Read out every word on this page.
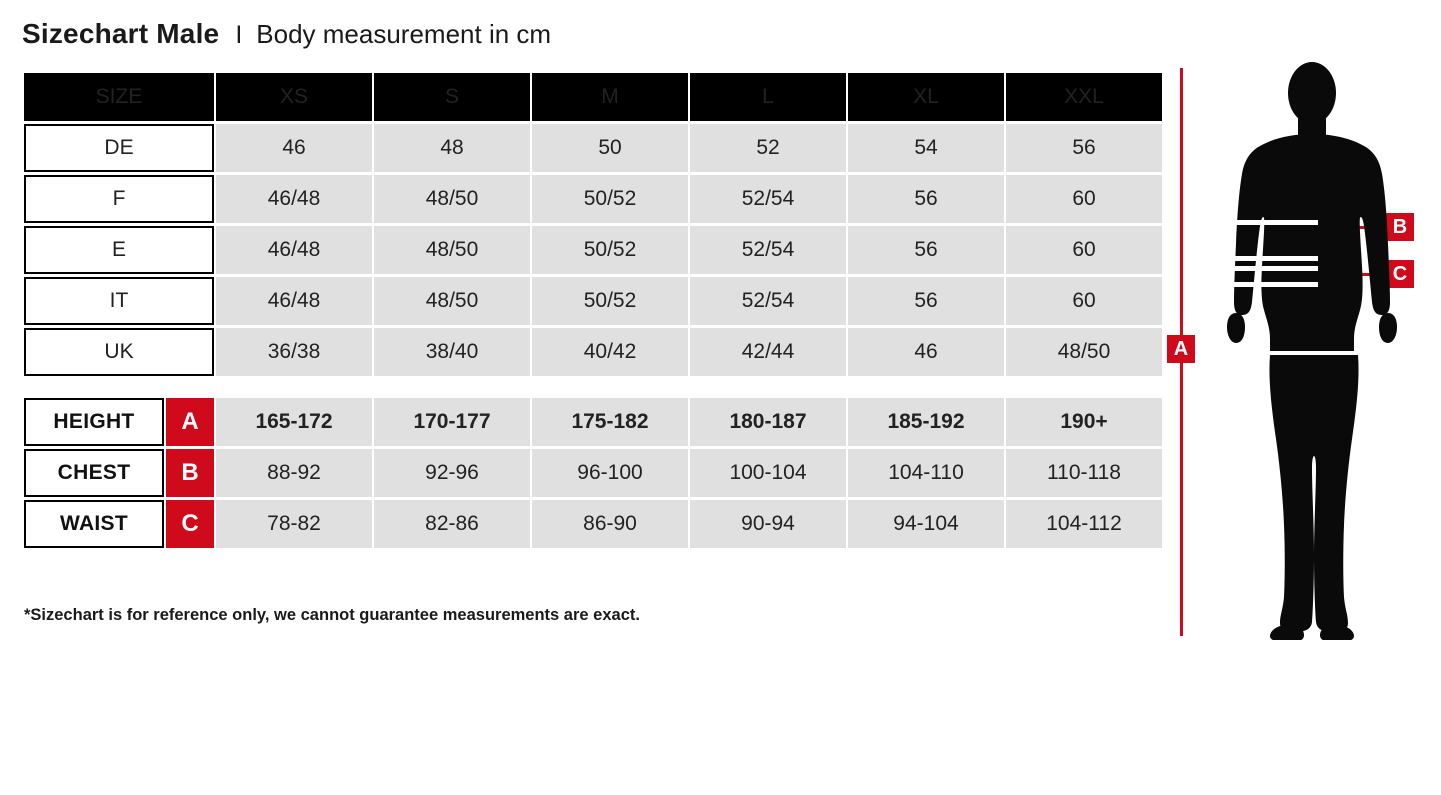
Sizechart Male I Body measurement in cm
SIZE	XS	S	M	L	XL	XXL
DE	46	48	50	52	54	56
F	46/48	48/50	50/52	52/54	56	60
E	46/48	48/50	50/52	52/54	56	60
IT	46/48	48/50	50/52	52/54	56	60
UK	36/38	38/40	40/42	42/44	46	48/50

HEIGHT A	165-172	170-177	175-182	180-187	185-192	190+

CHEST B	88-92	92-96	96-100	100-104	104-110	110-118

WAIST C	78-82	82-86	86-90	90-94	94-104	104-112
*Sizechart is for reference only, we cannot guarantee measurements are exact.
A
B
C
